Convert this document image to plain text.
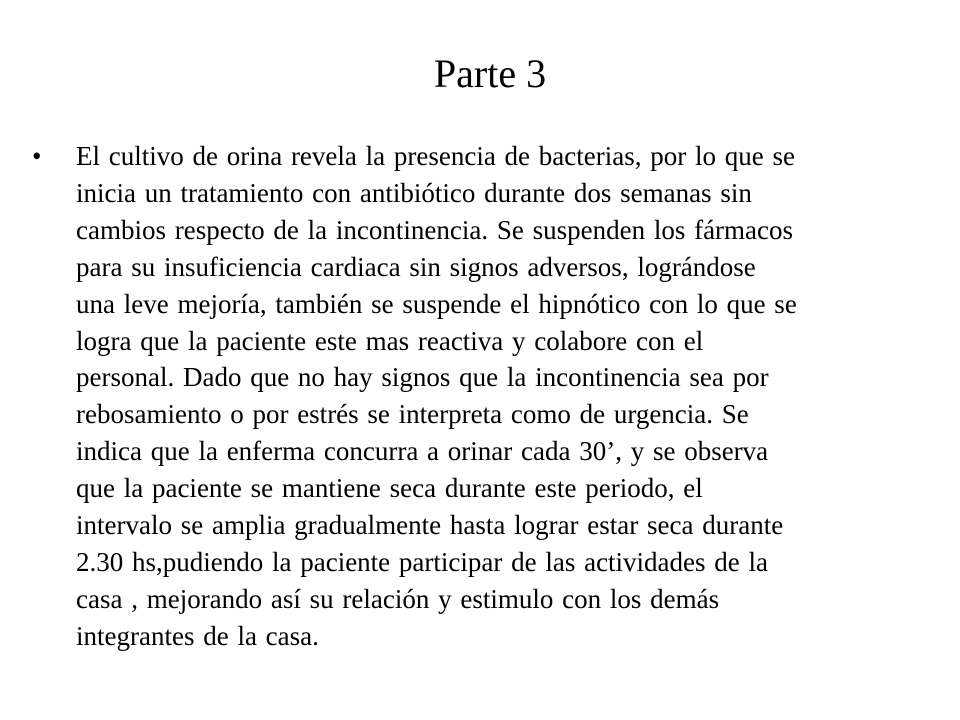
Parte 3
• El cultivo de orina revela la presencia de bacterias, por lo que se
inicia un tratamiento con antibiótico durante dos semanas sin
cambios respecto de la incontinencia. Se suspenden los fármacos
para su insuficiencia cardiaca sin signos adversos, lográndose
una leve mejoría, también se suspende el hipnótico con lo que se
logra que la paciente este mas reactiva y colabore con el
personal. Dado que no hay signos que la incontinencia sea por
rebosamiento o por estrés se interpreta como de urgencia. Se
indica que la enferma concurra a orinar cada 30’, y se observa
que la paciente se mantiene seca durante este periodo, el
intervalo se amplia gradualmente hasta lograr estar seca durante
2.30 hs,pudiendo la paciente participar de las actividades de la
casa , mejorando así su relación y estimulo con los demás
integrantes de la casa.
